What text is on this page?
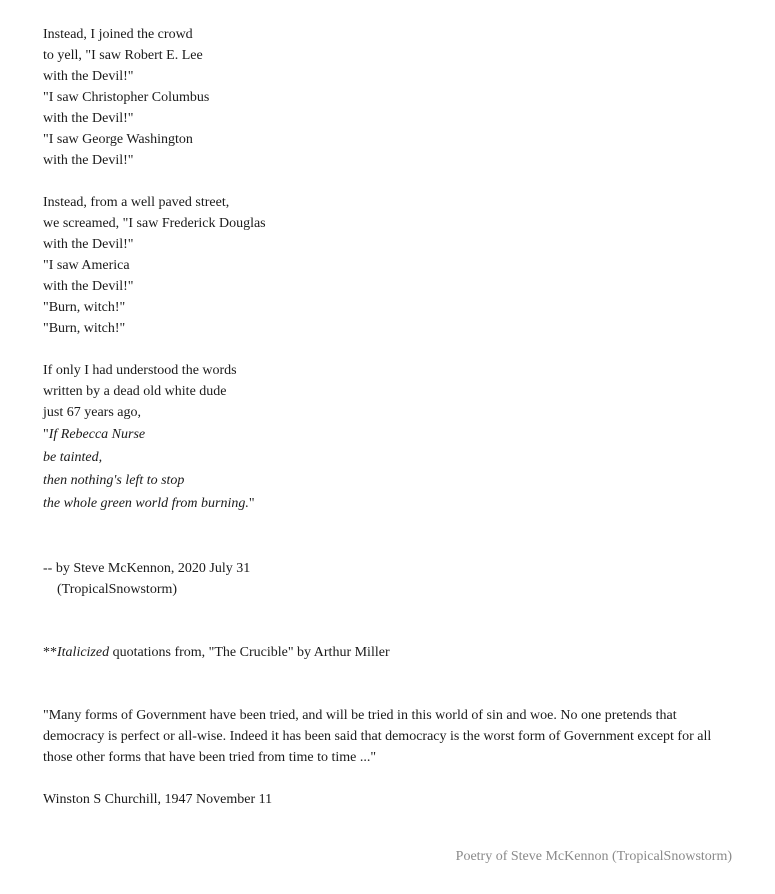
Instead, I joined the crowd
to yell, "I saw Robert E. Lee
with the Devil!"
"I saw Christopher Columbus
with the Devil!"
"I saw George Washington
with the Devil!"
Instead, from a well paved street,
we screamed, "I saw Frederick Douglas
with the Devil!"
"I saw America
with the Devil!"
"Burn, witch!"
"Burn, witch!"
If only I had understood the words
written by a dead old white dude
just 67 years ago,
"If Rebecca Nurse
be tainted,
then nothing's left to stop
the whole green world from burning."
-- by Steve McKennon, 2020 July 31
(TropicalSnowstorm)
**Italicized quotations from, "The Crucible" by Arthur Miller
"Many forms of Government have been tried, and will be tried in this world of sin and woe. No one pretends that democracy is perfect or all-wise. Indeed it has been said that democracy is the worst form of Government except for all those other forms that have been tried from time to time ..."
Winston S Churchill, 1947 November 11
Poetry of Steve McKennon (TropicalSnowstorm)
